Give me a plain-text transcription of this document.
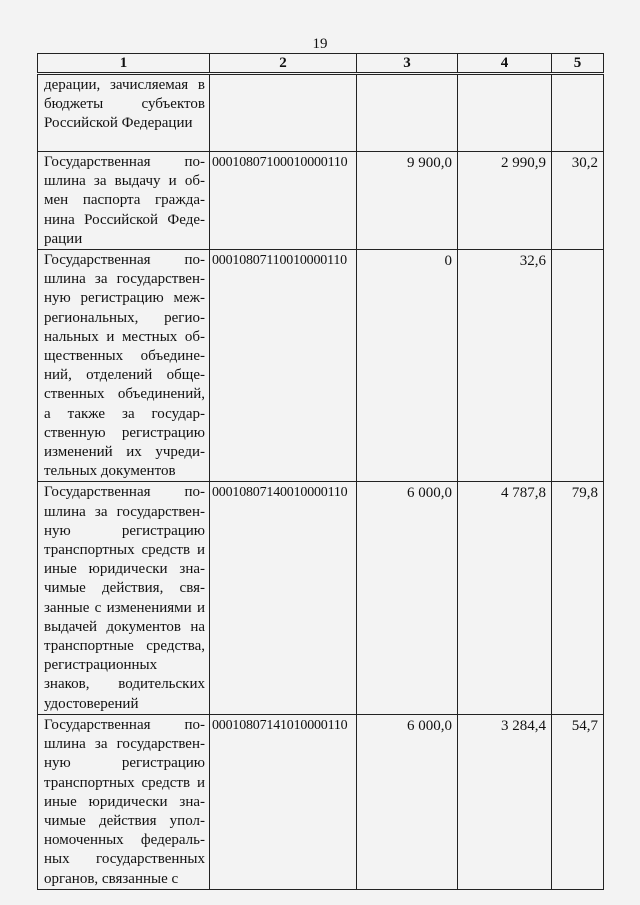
19
1	2	3	4	5

дерации, зачисляемая в бюджеты субъектов Российской Федерации				

Государственная пошлина за выдачу и обмен паспорта гражданина Российской Федерации	00010807100010000110	9 900,0	2 990,9	30,2

Государственная пошлина за государственную регистрацию межрегиональных, региональных и местных общественных объединений, отделений общественных объединений, а также за государственную регистрацию изменений их учредительных документов	00010807110010000110	0	32,6	

Государственная пошлина за государственную регистрацию транспортных средств и иные юридически значимые действия, связанные с изменениями и выдачей документов на транспортные средства, регистрационных знаков, водительских удостоверений	00010807140010000110	6 000,0	4 787,8	79,8

Государственная пошлина за государственную регистрацию транспортных средств и иные юридически значимые действия уполномоченных федеральных государственных органов, связанные с	00010807141010000110	6 000,0	3 284,4	54,7
